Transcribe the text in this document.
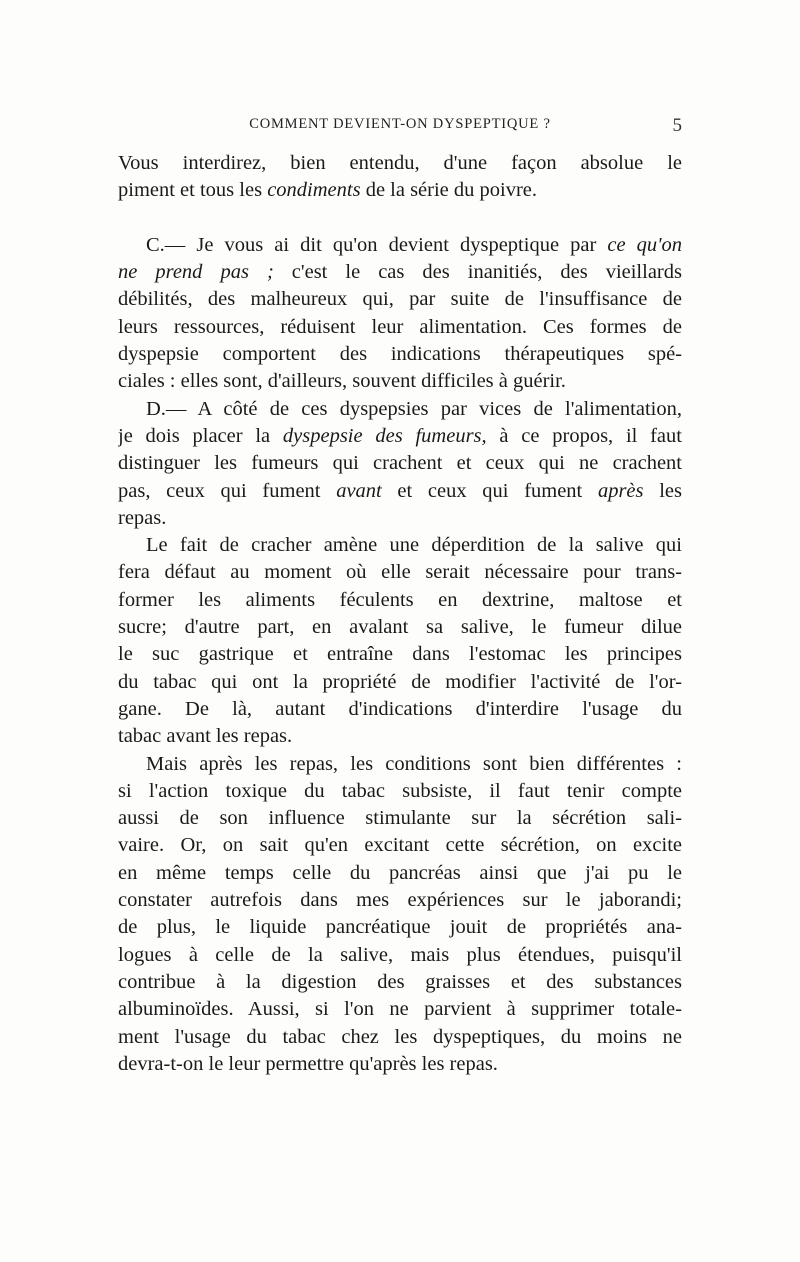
COMMENT DEVIENT-ON DYSPEPTIQUE ?	5
Vous interdirez, bien entendu, d'une façon absolue le
piment et tous les condiments de la série du poivre.
C.— Je vous ai dit qu'on devient dyspeptique par ce qu'on
ne prend pas ; c'est le cas des inanitiés, des vieillards
débilités, des malheureux qui, par suite de l'insuffisance de
leurs ressources, réduisent leur alimentation. Ces formes de
dyspepsie comportent des indications thérapeutiques spé-
ciales : elles sont, d'ailleurs, souvent difficiles à guérir.
D.— A côté de ces dyspepsies par vices de l'alimentation,
je dois placer la dyspepsie des fumeurs, à ce propos, il faut
distinguer les fumeurs qui crachent et ceux qui ne crachent
pas, ceux qui fument avant et ceux qui fument après les
repas.
Le fait de cracher amène une déperdition de la salive qui
fera défaut au moment où elle serait nécessaire pour trans-
former les aliments féculents en dextrine, maltose et
sucre; d'autre part, en avalant sa salive, le fumeur dilue
le suc gastrique et entraîne dans l'estomac les principes
du tabac qui ont la propriété de modifier l'activité de l'or-
gane. De là, autant d'indications d'interdire l'usage du
tabac avant les repas.
Mais après les repas, les conditions sont bien différentes :
si l'action toxique du tabac subsiste, il faut tenir compte
aussi de son influence stimulante sur la sécrétion sali-
vaire. Or, on sait qu'en excitant cette sécrétion, on excite
en même temps celle du pancréas ainsi que j'ai pu le
constater autrefois dans mes expériences sur le jaborandi;
de plus, le liquide pancréatique jouit de propriétés ana-
logues à celle de la salive, mais plus étendues, puisqu'il
contribue à la digestion des graisses et des substances
albuminoïdes. Aussi, si l'on ne parvient à supprimer totale-
ment l'usage du tabac chez les dyspeptiques, du moins ne
devra-t-on le leur permettre qu'après les repas.
